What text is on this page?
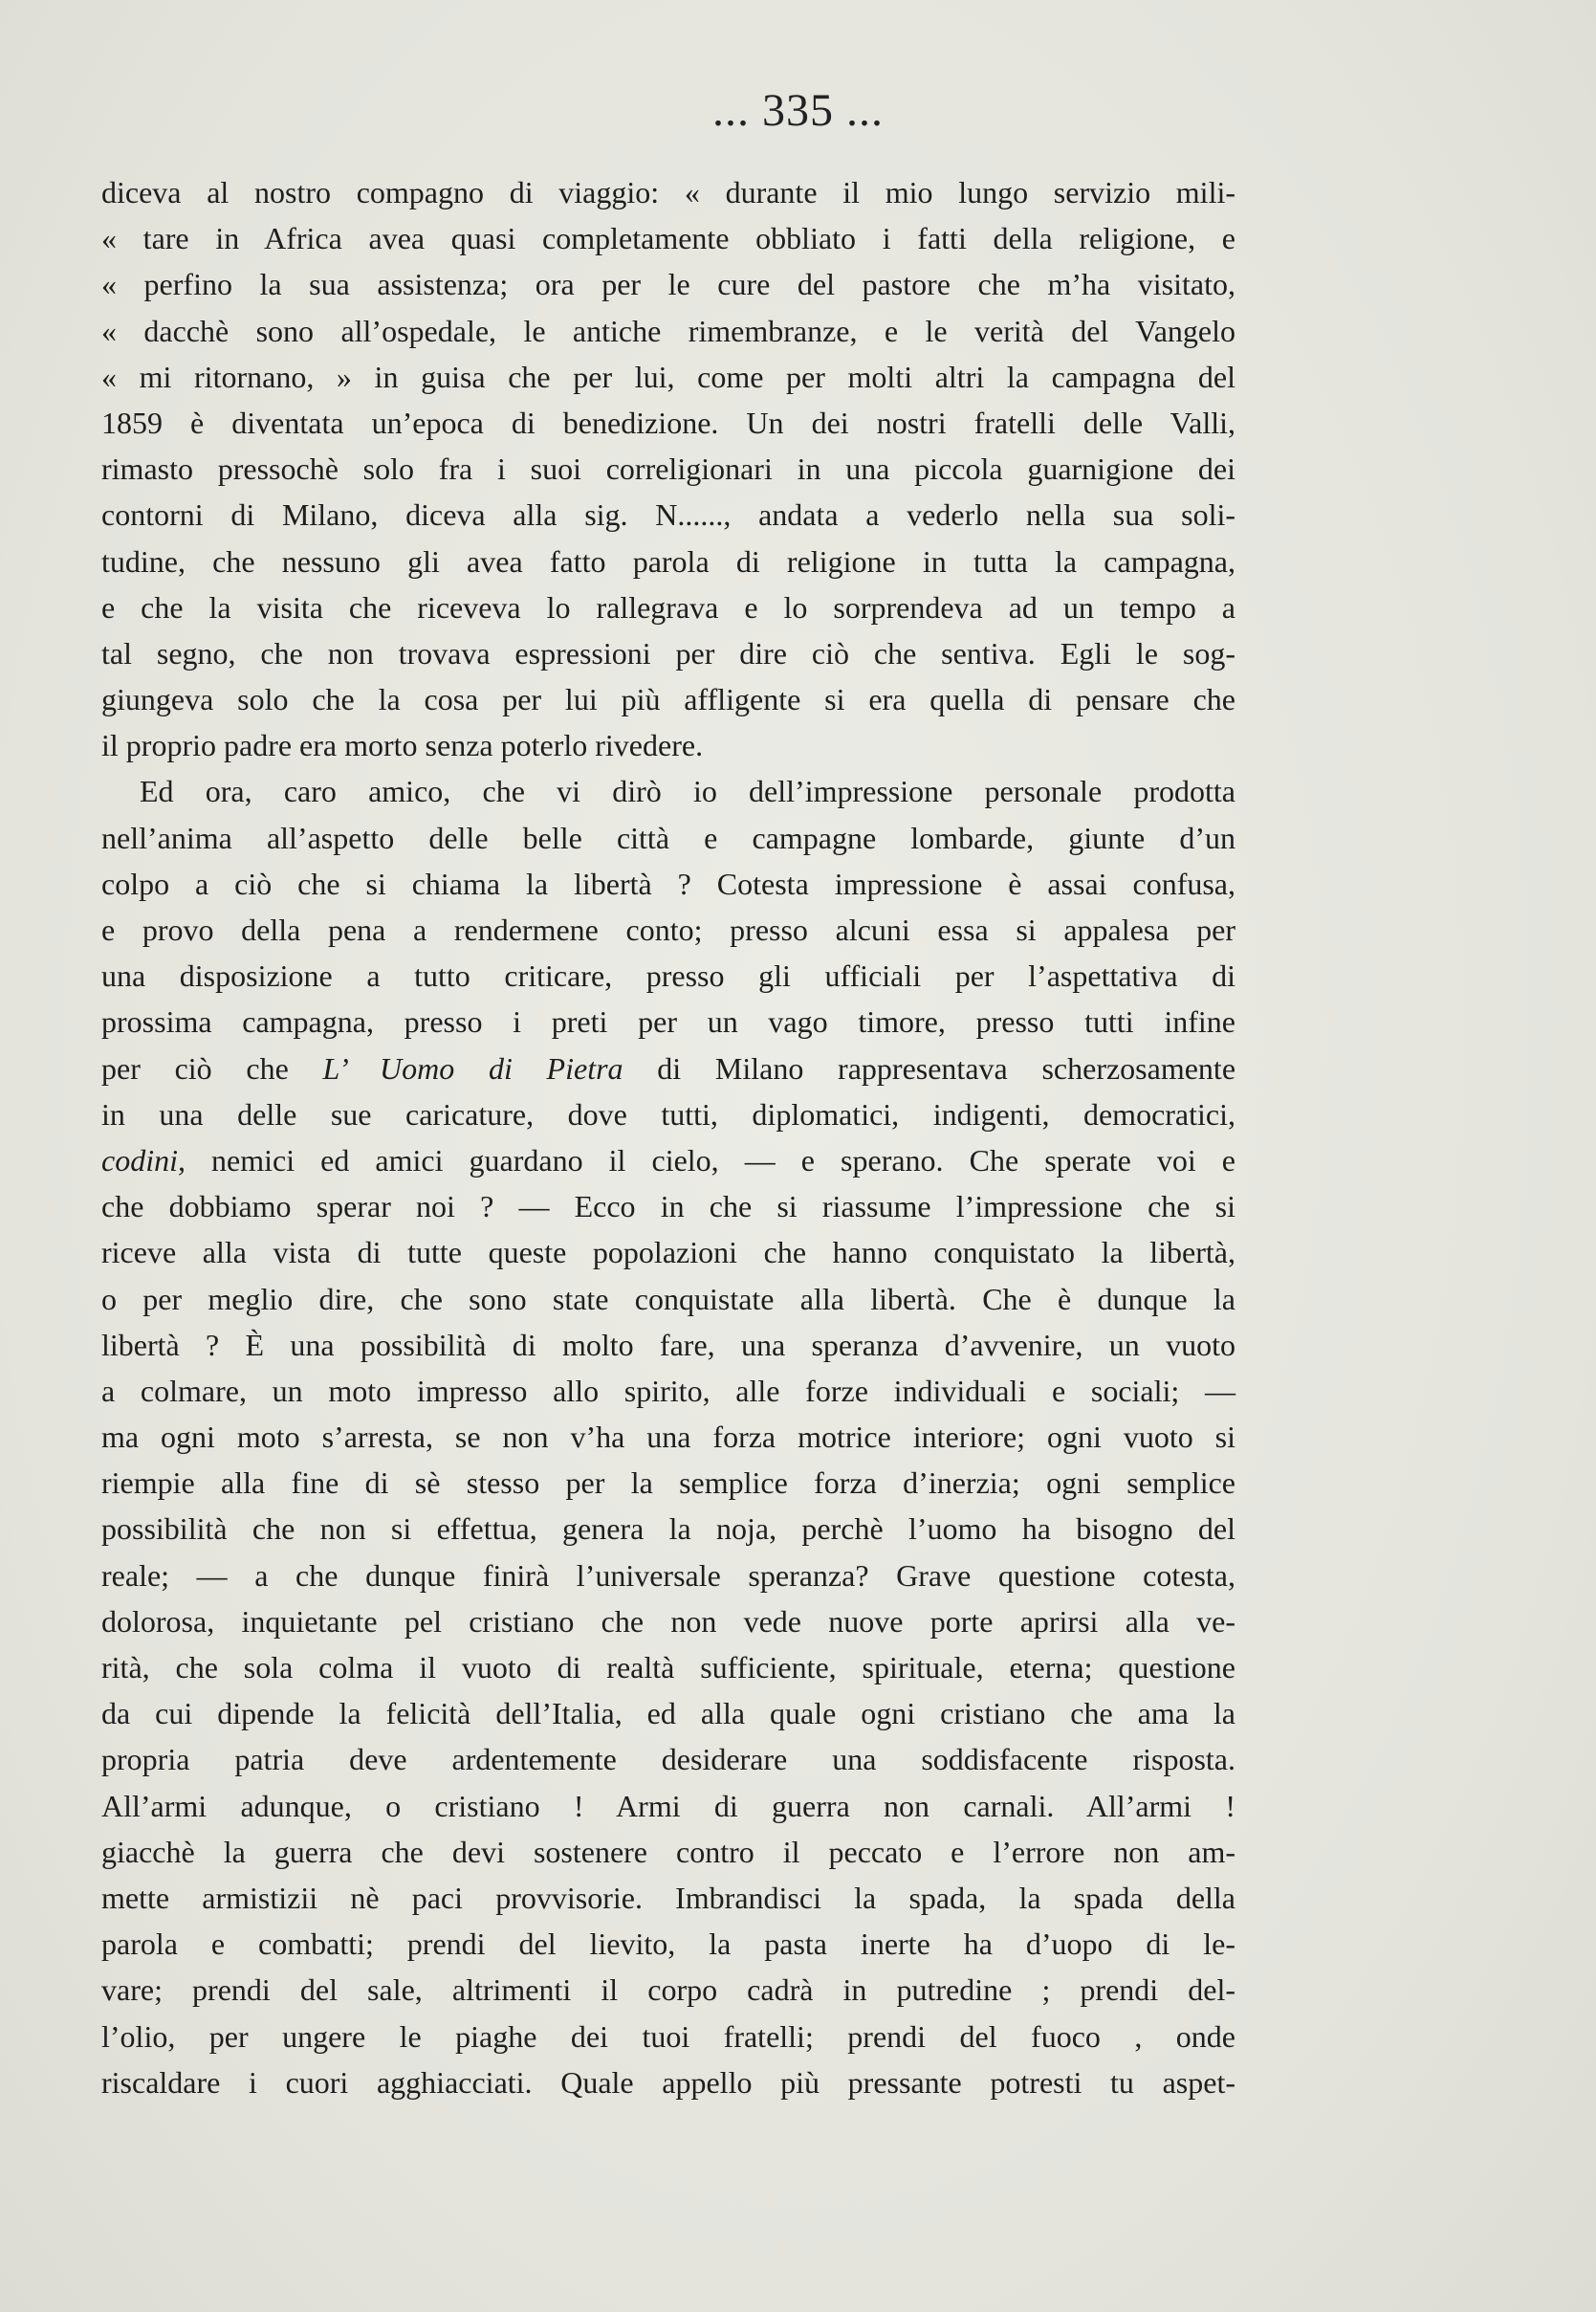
... 335 ...
diceva al nostro compagno di viaggio: « durante il mio lungo servizio mili-
« tare in Africa avea quasi completamente obbliato i fatti della religione, e
« perfino la sua assistenza; ora per le cure del pastore che m’ha visitato,
« dacchè sono all’ospedale, le antiche rimembranze, e le verità del Vangelo
« mi ritornano, » in guisa che per lui, come per molti altri la campagna del
1859 è diventata un’epoca di benedizione. Un dei nostri fratelli delle Valli,
rimasto pressochè solo fra i suoi correligionari in una piccola guarnigione dei
contorni di Milano, diceva alla sig. N......, andata a vederlo nella sua soli-
tudine, che nessuno gli avea fatto parola di religione in tutta la campagna,
e che la visita che riceveva lo rallegrava e lo sorprendeva ad un tempo a
tal segno, che non trovava espressioni per dire ciò che sentiva. Egli le sog-
giungeva solo che la cosa per lui più affligente si era quella di pensare che
il proprio padre era morto senza poterlo rivedere.
Ed ora, caro amico, che vi dirò io dell’impressione personale prodotta
nell’anima all’aspetto delle belle città e campagne lombarde, giunte d’un
colpo a ciò che si chiama la libertà ? Cotesta impressione è assai confusa,
e provo della pena a rendermene conto; presso alcuni essa si appalesa per
una disposizione a tutto criticare, presso gli ufficiali per l’aspettativa di
prossima campagna, presso i preti per un vago timore, presso tutti infine
per ciò che L’ Uomo di Pietra di Milano rappresentava scherzosamente
in una delle sue caricature, dove tutti, diplomatici, indigenti, democratici,
codini, nemici ed amici guardano il cielo, — e sperano. Che sperate voi e
che dobbiamo sperar noi ? — Ecco in che si riassume l’impressione che si
riceve alla vista di tutte queste popolazioni che hanno conquistato la libertà,
o per meglio dire, che sono state conquistate alla libertà. Che è dunque la
libertà ? È una possibilità di molto fare, una speranza d’avvenire, un vuoto
a colmare, un moto impresso allo spirito, alle forze individuali e sociali; —
ma ogni moto s’arresta, se non v’ha una forza motrice interiore; ogni vuoto si
riempie alla fine di sè stesso per la semplice forza d’inerzia; ogni semplice
possibilità che non si effettua, genera la noja, perchè l’uomo ha bisogno del
reale; — a che dunque finirà l’universale speranza? Grave questione cotesta,
dolorosa, inquietante pel cristiano che non vede nuove porte aprirsi alla ve-
rità, che sola colma il vuoto di realtà sufficiente, spirituale, eterna; questione
da cui dipende la felicità dell’Italia, ed alla quale ogni cristiano che ama la
propria patria deve ardentemente desiderare una soddisfacente risposta.
All’armi adunque, o cristiano ! Armi di guerra non carnali. All’armi !
giacchè la guerra che devi sostenere contro il peccato e l’errore non am-
mette armistizii nè paci provvisorie. Imbrandisci la spada, la spada della
parola e combatti; prendi del lievito, la pasta inerte ha d’uopo di le-
vare; prendi del sale, altrimenti il corpo cadrà in putredine ; prendi del-
l’olio, per ungere le piaghe dei tuoi fratelli; prendi del fuoco , onde
riscaldare i cuori agghiacciati. Quale appello più pressante potresti tu aspet-
